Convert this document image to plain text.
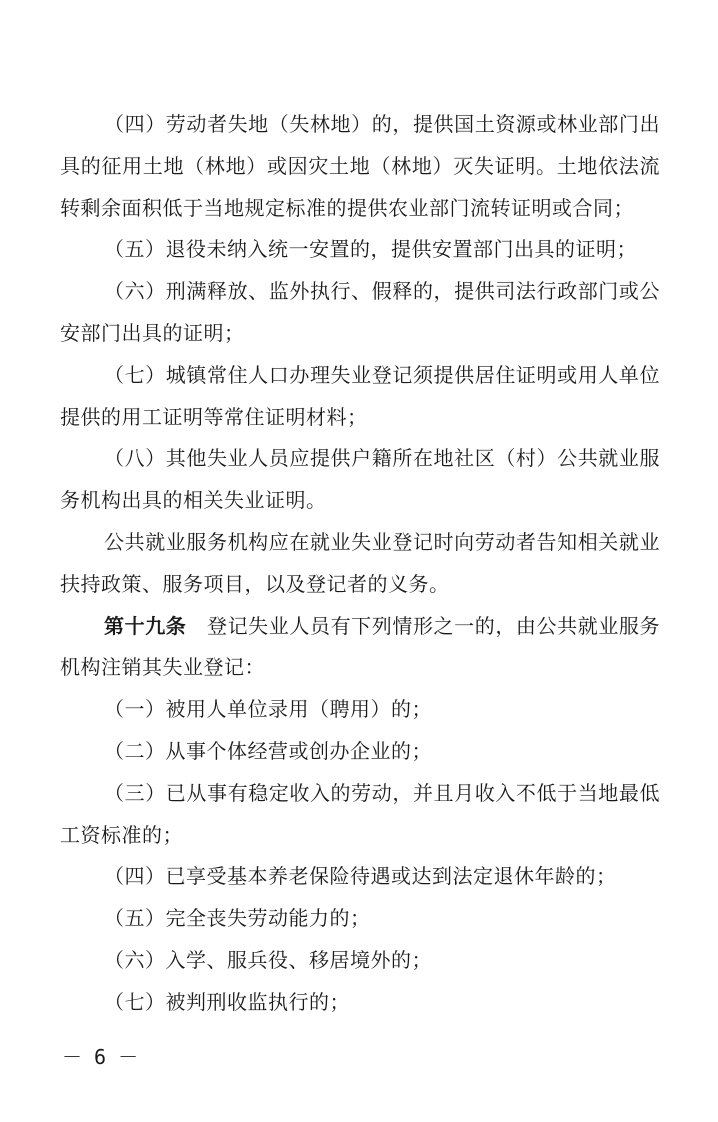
（四）劳动者失地（失林地）的，提供国土资源或林业部门出具的征用土地（林地）或因灾土地（林地）灭失证明。土地依法流转剩余面积低于当地规定标准的提供农业部门流转证明或合同；

（五）退役未纳入统一安置的，提供安置部门出具的证明；

（六）刑满释放、监外执行、假释的，提供司法行政部门或公安部门出具的证明；

（七）城镇常住人口办理失业登记须提供居住证明或用人单位提供的用工证明等常住证明材料；

（八）其他失业人员应提供户籍所在地社区（村）公共就业服务机构出具的相关失业证明。

公共就业服务机构应在就业失业登记时向劳动者告知相关就业扶持政策、服务项目，以及登记者的义务。

第十九条　登记失业人员有下列情形之一的，由公共就业服务机构注销其失业登记：

（一）被用人单位录用（聘用）的；

（二）从事个体经营或创办企业的；

（三）已从事有稳定收入的劳动，并且月收入不低于当地最低工资标准的；

（四）已享受基本养老保险待遇或达到法定退休年龄的；

（五）完全丧失劳动能力的；

（六）入学、服兵役、移居境外的；

（七）被判刑收监执行的；

－ 6 －
